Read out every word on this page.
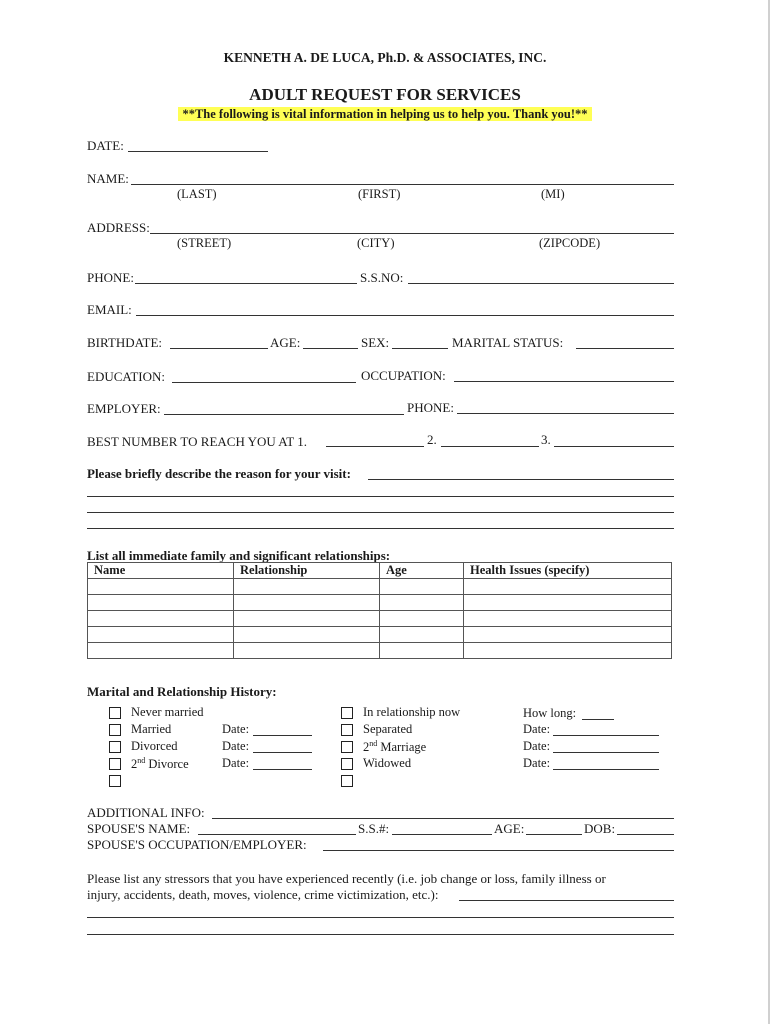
KENNETH A. DE LUCA, Ph.D. & ASSOCIATES, INC.
ADULT REQUEST FOR SERVICES
**The following is vital information in helping us to help you. Thank you!**
DATE:
NAME:
(LAST)	(FIRST)	(MI)
ADDRESS:
(STREET)	(CITY)	(ZIPCODE)
PHONE:	S.S.NO:
EMAIL:
BIRTHDATE:	AGE:	SEX:	MARITAL STATUS:
EDUCATION:	OCCUPATION:
EMPLOYER:	PHONE:
BEST NUMBER TO REACH YOU AT 1.	2.	3.
Please briefly describe the reason for your visit:
List all immediate family and significant relationships:
Name	Relationship	Age	Health Issues (specify)

Marital and Relationship History:
Never married
Married	Date:
Divorced	Date:
2nd Divorce	Date:
In relationship now	How long:
Separated	Date:
2nd Marriage	Date:
Widowed	Date:
ADDITIONAL INFO:
SPOUSE'S NAME:	S.S.#:	AGE:	DOB:
SPOUSE'S OCCUPATION/EMPLOYER:
Please list any stressors that you have experienced recently (i.e. job change or loss, family illness or
injury, accidents, death, moves, violence, crime victimization, etc.):
